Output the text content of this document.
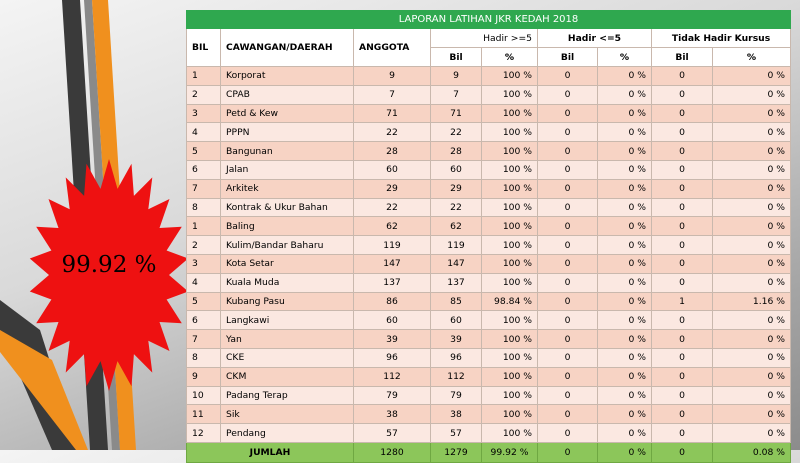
99.92 %
LAPORAN LATIHAN JKR KEDAH 2018								
BIL	CAWANGAN/DAERAH	ANGGOTA	Hadir >=5		Hadir <=5		Tidak Hadir Kursus	
			Bil	%	Bil	%	Bil	%
1	Korporat	9	9	100 %	0	0 %	0	0 %
2	CPAB	7	7	100 %	0	0 %	0	0 %
3	Petd & Kew	71	71	100 %	0	0 %	0	0 %
4	PPPN	22	22	100 %	0	0 %	0	0 %
5	Bangunan	28	28	100 %	0	0 %	0	0 %
6	Jalan	60	60	100 %	0	0 %	0	0 %
7	Arkitek	29	29	100 %	0	0 %	0	0 %
8	Kontrak & Ukur Bahan	22	22	100 %	0	0 %	0	0 %
1	Baling	62	62	100 %	0	0 %	0	0 %
2	Kulim/Bandar Baharu	119	119	100 %	0	0 %	0	0 %
3	Kota Setar	147	147	100 %	0	0 %	0	0 %
4	Kuala Muda	137	137	100 %	0	0 %	0	0 %
5	Kubang Pasu	86	85	98.84 %	0	0 %	1	1.16 %
6	Langkawi	60	60	100 %	0	0 %	0	0 %
7	Yan	39	39	100 %	0	0 %	0	0 %
8	CKE	96	96	100 %	0	0 %	0	0 %
9	CKM	112	112	100 %	0	0 %	0	0 %
10	Padang Terap	79	79	100 %	0	0 %	0	0 %
11	Sik	38	38	100 %	0	0 %	0	0 %
12	Pendang	57	57	100 %	0	0 %	0	0 %
JUMLAH		1280	1279	99.92 %	0	0 %	0	0.08 %
